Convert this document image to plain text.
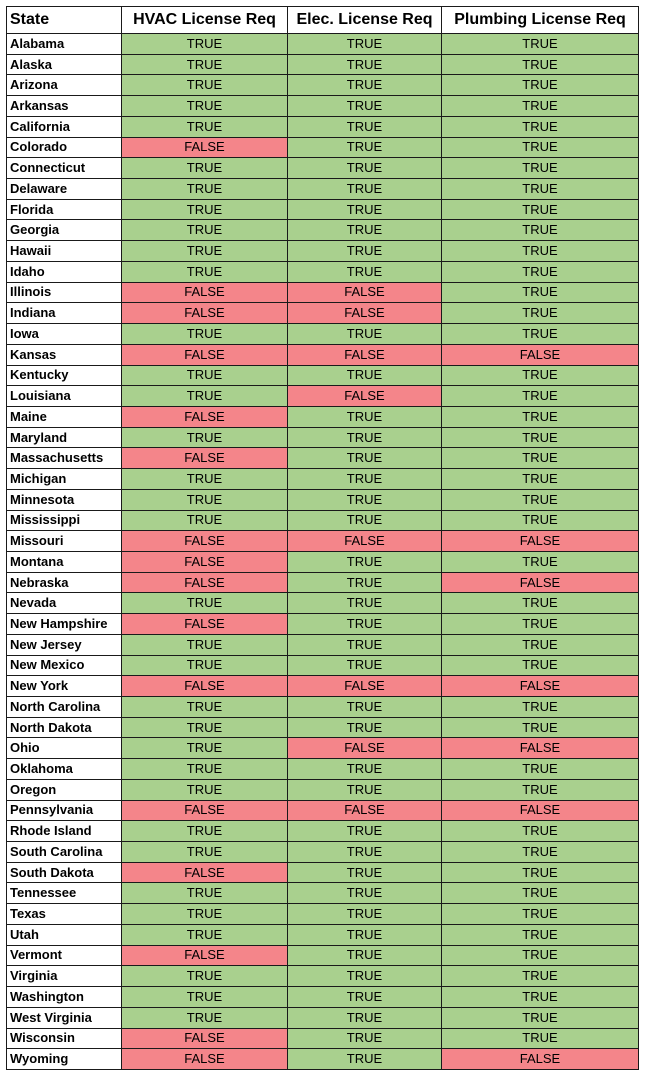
State	HVAC License Req	Elec. License Req	Plumbing License Req
Alabama	TRUE	TRUE	TRUE
Alaska	TRUE	TRUE	TRUE
Arizona	TRUE	TRUE	TRUE
Arkansas	TRUE	TRUE	TRUE
California	TRUE	TRUE	TRUE
Colorado	FALSE	TRUE	TRUE
Connecticut	TRUE	TRUE	TRUE
Delaware	TRUE	TRUE	TRUE
Florida	TRUE	TRUE	TRUE
Georgia	TRUE	TRUE	TRUE
Hawaii	TRUE	TRUE	TRUE
Idaho	TRUE	TRUE	TRUE
Illinois	FALSE	FALSE	TRUE
Indiana	FALSE	FALSE	TRUE
Iowa	TRUE	TRUE	TRUE
Kansas	FALSE	FALSE	FALSE
Kentucky	TRUE	TRUE	TRUE
Louisiana	TRUE	FALSE	TRUE
Maine	FALSE	TRUE	TRUE
Maryland	TRUE	TRUE	TRUE
Massachusetts	FALSE	TRUE	TRUE
Michigan	TRUE	TRUE	TRUE
Minnesota	TRUE	TRUE	TRUE
Mississippi	TRUE	TRUE	TRUE
Missouri	FALSE	FALSE	FALSE
Montana	FALSE	TRUE	TRUE
Nebraska	FALSE	TRUE	FALSE
Nevada	TRUE	TRUE	TRUE
New Hampshire	FALSE	TRUE	TRUE
New Jersey	TRUE	TRUE	TRUE
New Mexico	TRUE	TRUE	TRUE
New York	FALSE	FALSE	FALSE
North Carolina	TRUE	TRUE	TRUE
North Dakota	TRUE	TRUE	TRUE
Ohio	TRUE	FALSE	FALSE
Oklahoma	TRUE	TRUE	TRUE
Oregon	TRUE	TRUE	TRUE
Pennsylvania	FALSE	FALSE	FALSE
Rhode Island	TRUE	TRUE	TRUE
South Carolina	TRUE	TRUE	TRUE
South Dakota	FALSE	TRUE	TRUE
Tennessee	TRUE	TRUE	TRUE
Texas	TRUE	TRUE	TRUE
Utah	TRUE	TRUE	TRUE
Vermont	FALSE	TRUE	TRUE
Virginia	TRUE	TRUE	TRUE
Washington	TRUE	TRUE	TRUE
West Virginia	TRUE	TRUE	TRUE
Wisconsin	FALSE	TRUE	TRUE
Wyoming	FALSE	TRUE	FALSE
